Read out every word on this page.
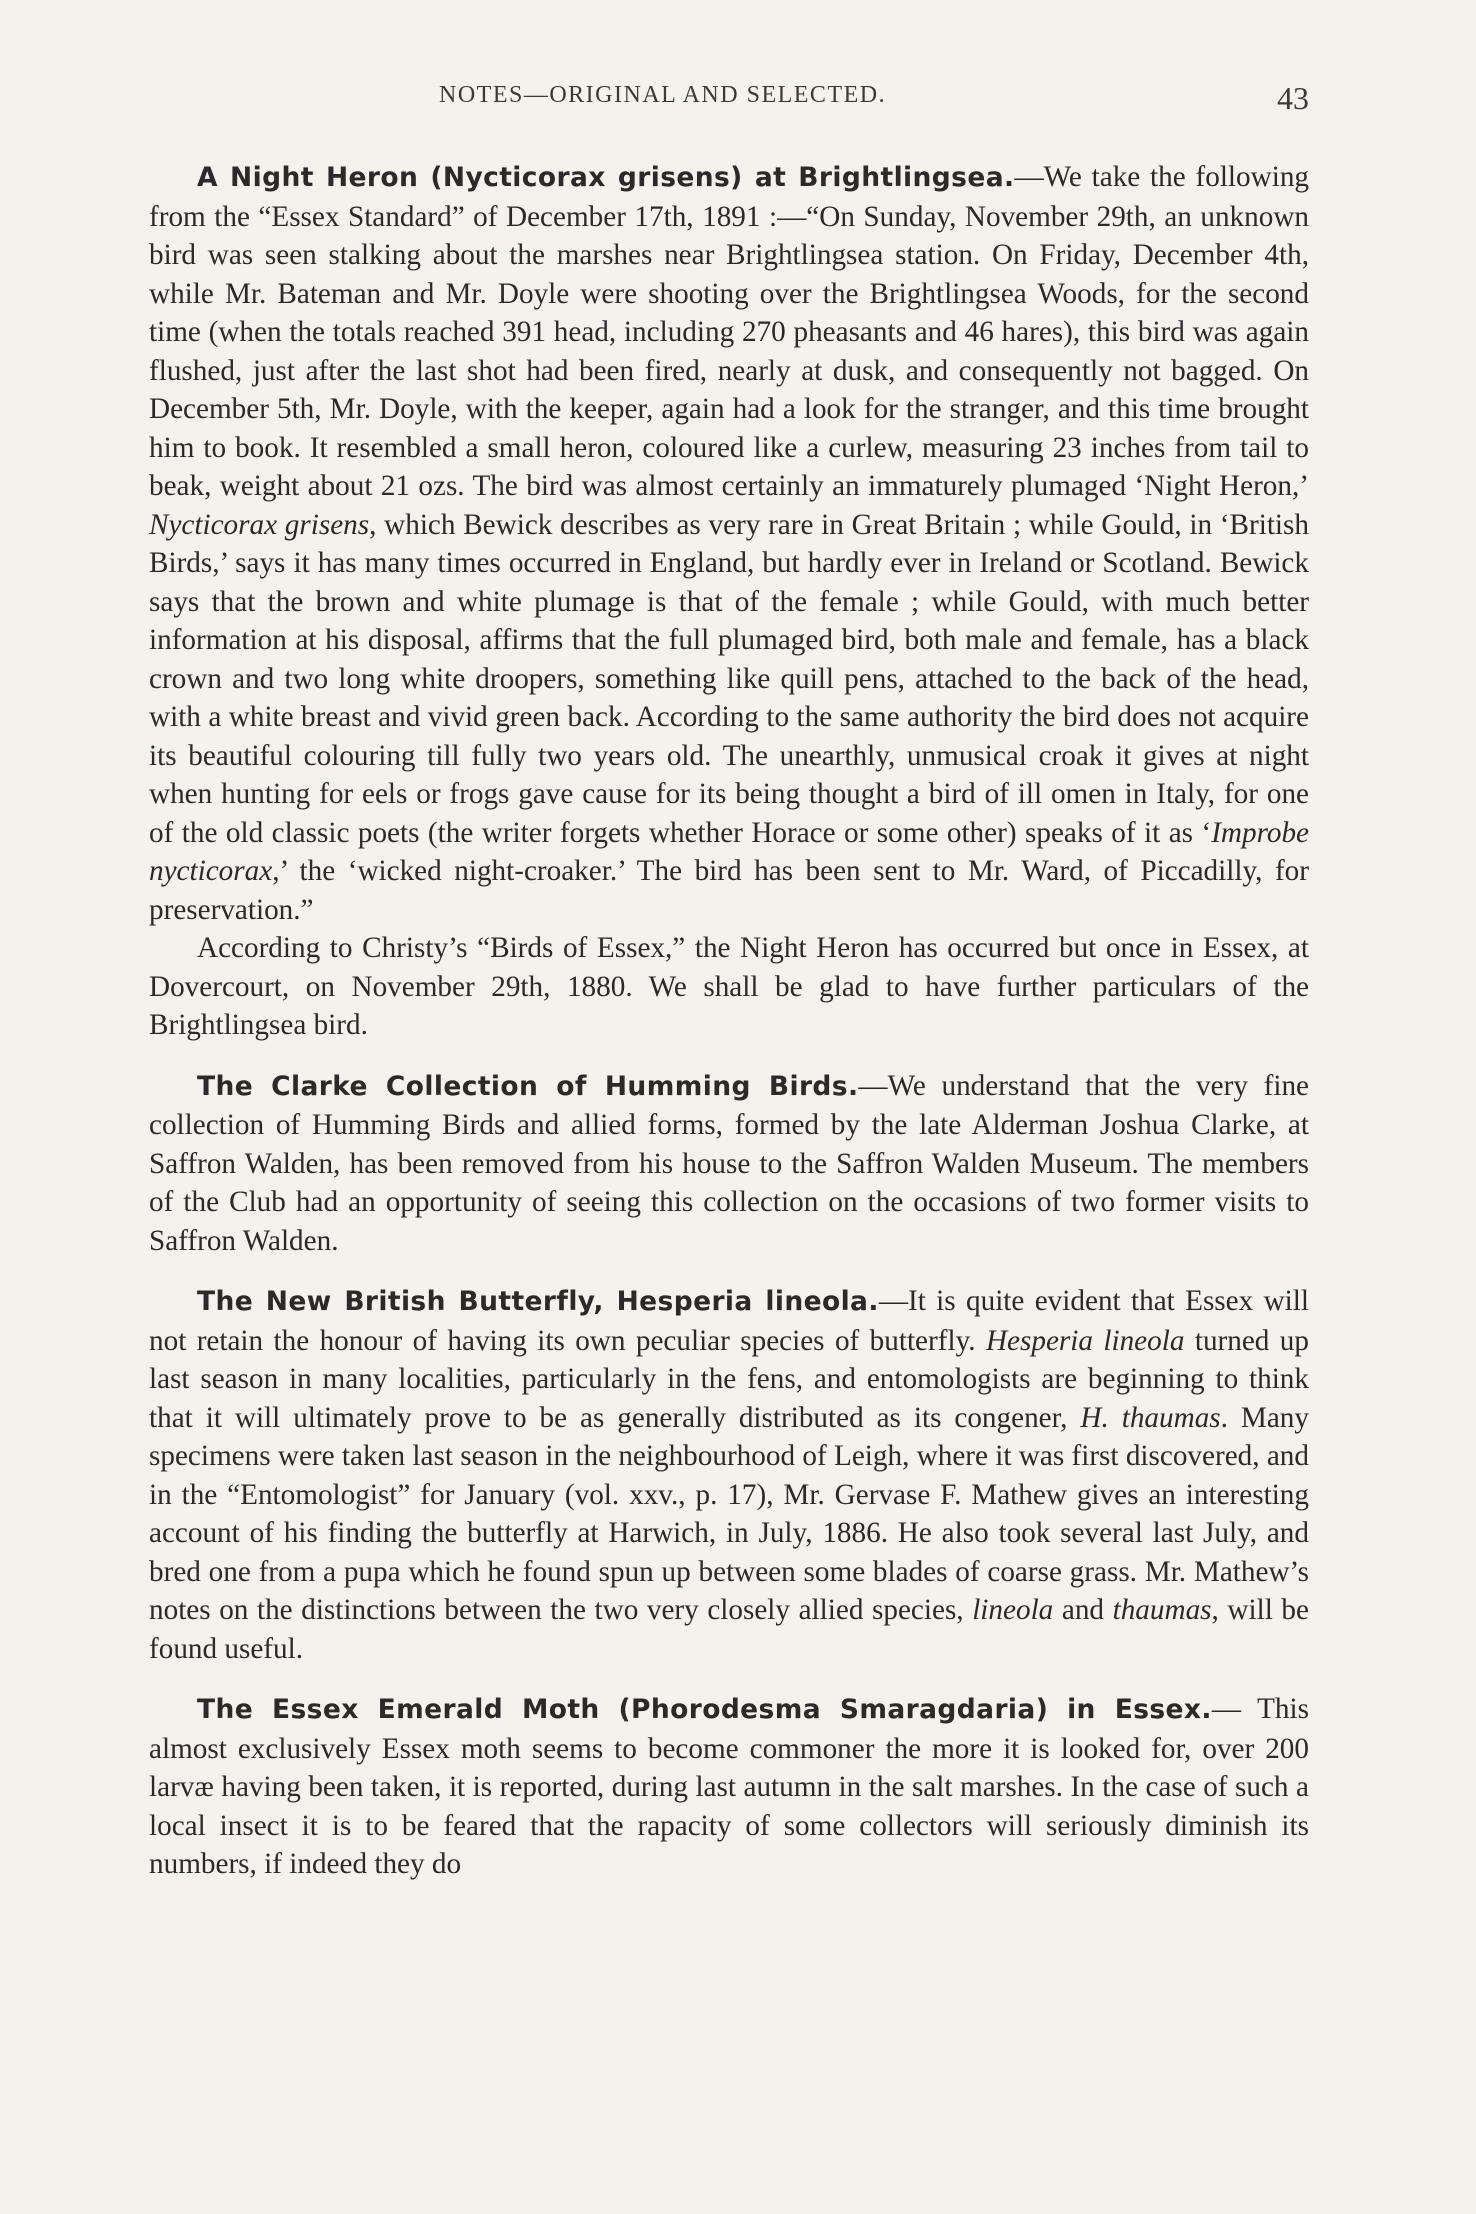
NOTES—ORIGINAL AND SELECTED.	43

A Night Heron (Nycticorax grisens) at Brightlingsea.—We take the following from the “Essex Standard” of December 17th, 1891 :—“On Sunday, November 29th, an unknown bird was seen stalking about the marshes near Brightlingsea station. On Friday, December 4th, while Mr. Bateman and Mr. Doyle were shooting over the Brightlingsea Woods, for the second time (when the totals reached 391 head, including 270 pheasants and 46 hares), this bird was again flushed, just after the last shot had been fired, nearly at dusk, and consequently not bagged. On December 5th, Mr. Doyle, with the keeper, again had a look for the stranger, and this time brought him to book. It resembled a small heron, coloured like a curlew, measuring 23 inches from tail to beak, weight about 21 ozs. The bird was almost certainly an immaturely plumaged ‘Night Heron,’ Nycticorax grisens, which Bewick describes as very rare in Great Britain ; while Gould, in ‘British Birds,’ says it has many times occurred in England, but hardly ever in Ireland or Scotland. Bewick says that the brown and white plumage is that of the female ; while Gould, with much better information at his disposal, affirms that the full plumaged bird, both male and female, has a black crown and two long white droopers, something like quill pens, attached to the back of the head, with a white breast and vivid green back. According to the same authority the bird does not acquire its beautiful colouring till fully two years old. The unearthly, unmusical croak it gives at night when hunting for eels or frogs gave cause for its being thought a bird of ill omen in Italy, for one of the old classic poets (the writer forgets whether Horace or some other) speaks of it as ‘Improbe nycticorax,’ the ‘wicked night-croaker.’ The bird has been sent to Mr. Ward, of Piccadilly, for preservation.”

According to Christy’s “Birds of Essex,” the Night Heron has occurred but once in Essex, at Dovercourt, on November 29th, 1880. We shall be glad to have further particulars of the Brightlingsea bird.

The Clarke Collection of Humming Birds.—We understand that the very fine collection of Humming Birds and allied forms, formed by the late Alderman Joshua Clarke, at Saffron Walden, has been removed from his house to the Saffron Walden Museum. The members of the Club had an opportunity of seeing this collection on the occasions of two former visits to Saffron Walden.

The New British Butterfly, Hesperia lineola.—It is quite evident that Essex will not retain the honour of having its own peculiar species of butterfly. Hesperia lineola turned up last season in many localities, particularly in the fens, and entomologists are beginning to think that it will ultimately prove to be as generally distributed as its congener, H. thaumas. Many specimens were taken last season in the neighbourhood of Leigh, where it was first discovered, and in the “Entomologist” for January (vol. xxv., p. 17), Mr. Gervase F. Mathew gives an interesting account of his finding the butterfly at Harwich, in July, 1886. He also took several last July, and bred one from a pupa which he found spun up between some blades of coarse grass. Mr. Mathew’s notes on the distinctions between the two very closely allied species, lineola and thaumas, will be found useful.

The Essex Emerald Moth (Phorodesma Smaragdaria) in Essex.— This almost exclusively Essex moth seems to become commoner the more it is looked for, over 200 larvæ having been taken, it is reported, during last autumn in the salt marshes. In the case of such a local insect it is to be feared that the rapacity of some collectors will seriously diminish its numbers, if indeed they do
